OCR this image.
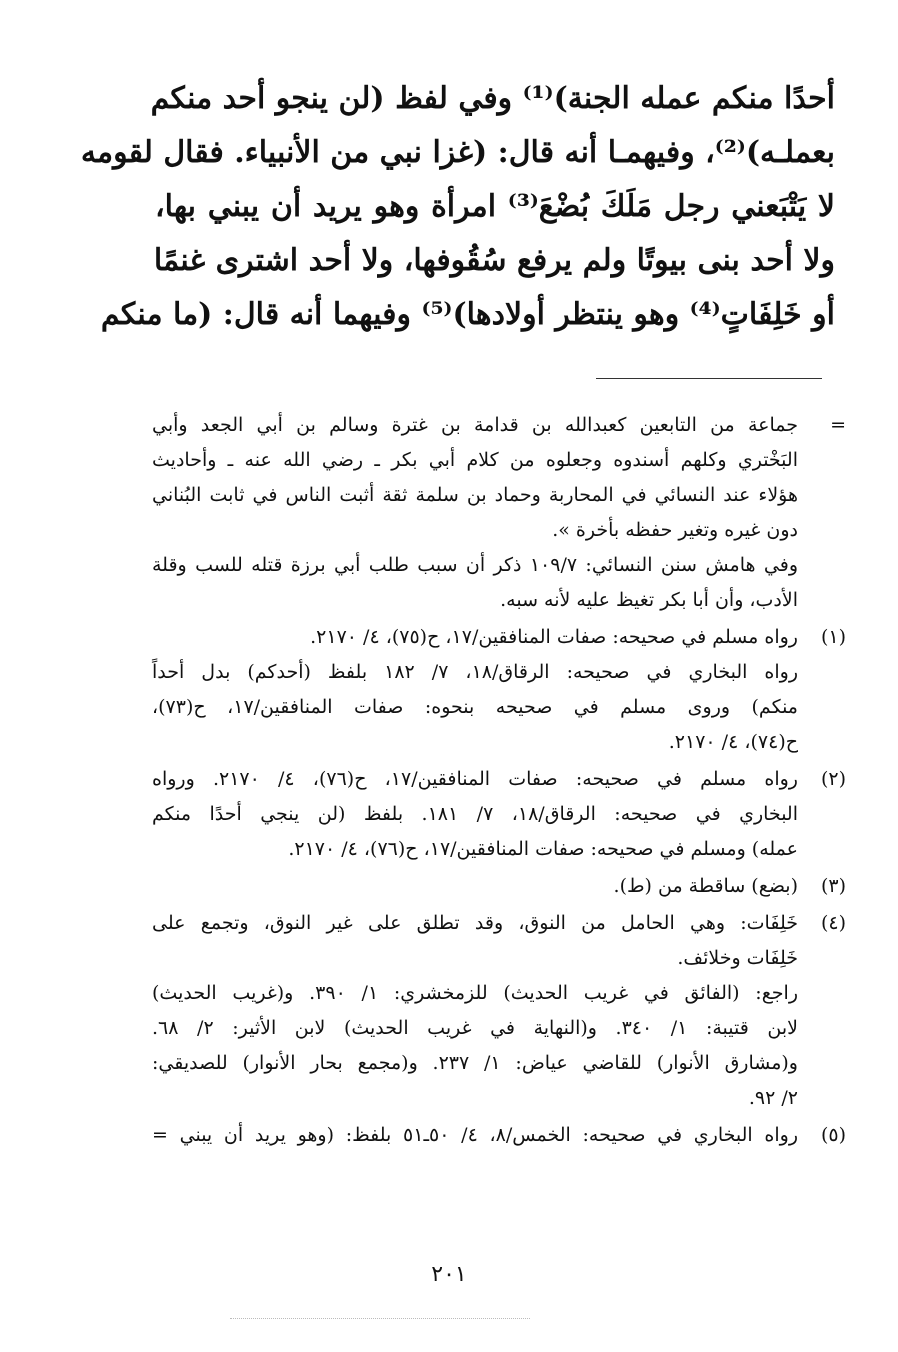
أحدًا منكم عمله الجنة)⁽¹⁾ وفي لفظ (لن ينجو أحد منكم
بعملـه)⁽²⁾، وفيهمـا أنه قال: (غزا نبي من الأنبياء. فقال لقومه
لا يَتْبَعني رجل مَلَكَ بُضْعَ⁽³⁾ امرأة وهو يريد أن يبني بها،
ولا أحد بنى بيوتًا ولم يرفع سُقُوفها، ولا أحد اشترى غنمًا
أو خَلِفَاتٍ⁽⁴⁾ وهو ينتظر أولادها)⁽⁵⁾ وفيهما أنه قال: (ما منكم
=
جماعة من التابعين كعبدالله بن قدامة بن غترة وسالم بن أبي الجعد وأبي
البَخْتري وكلهم أسندوه وجعلوه من كلام أبي بكر ـ رضي الله عنه ـ وأحاديث
هؤلاء عند النسائي في المحاربة وحماد بن سلمة ثقة أثبت الناس في ثابت البُناني
دون غيره وتغير حفظه بأخرة ».
وفي هامش سنن النسائي: ١٠٩/٧ ذكر أن سبب طلب أبي برزة قتله للسب وقلة
الأدب، وأن أبا بكر تغيظ عليه لأنه سبه.
(١)
رواه مسلم في صحيحه: صفات المنافقين/١٧، ح(٧٥)، ٤/ ٢١٧٠.
رواه البخاري في صحيحه: الرقاق/١٨، ٧/ ١٨٢ بلفظ (أحدكم) بدل أحداً
منكم) وروى مسلم في صحيحه بنحوه: صفات المنافقين/١٧، ح(٧٣)،
ح(٧٤)، ٤/ ٢١٧٠.
(٢)
رواه مسلم في صحيحه: صفات المنافقين/١٧، ح(٧٦)، ٤/ ٢١٧٠. ورواه
البخاري في صحيحه: الرقاق/١٨، ٧/ ١٨١. بلفظ (لن ينجي أحدًا منكم
عمله) ومسلم في صحيحه: صفات المنافقين/١٧، ح(٧٦)، ٤/ ٢١٧٠.
(٣)
(بضع) ساقطة من (ط).
(٤)
خَلِفَات: وهي الحامل من النوق، وقد تطلق على غير النوق، وتجمع على
خَلِفَات وخلائف.
راجع: (الفائق في غريب الحديث) للزمخشري: ١/ ٣٩٠. و(غريب الحديث)
لابن قتيبة: ١/ ٣٤٠. و(النهاية في غريب الحديث) لابن الأثير: ٢/ ٦٨.
و(مشارق الأنوار) للقاضي عياض: ١/ ٢٣٧. و(مجمع بحار الأنوار) للصديقي:
٢/ ٩٢.
(٥)
رواه البخاري في صحيحه: الخمس/٨، ٤/ ٥٠ـ٥١ بلفظ: (وهو يريد أن يبني =
٢٠١
